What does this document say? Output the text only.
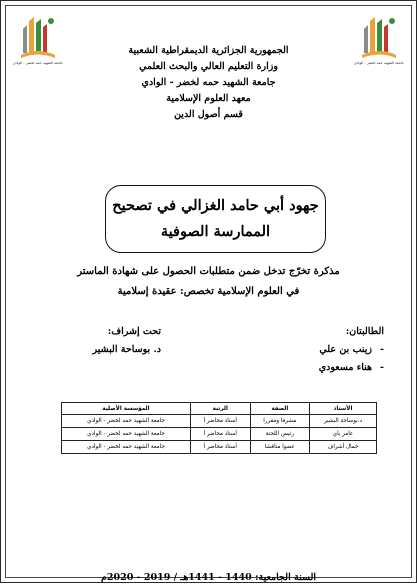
جامعة الشهيد حمه لخضر - الوادي
جامعة الشهيد حمه لخضر - الوادي
الجمهورية الجزائرية الديمقراطية الشعبية
وزارة التعليم العالي والبحث العلمي
جامعة الشهيد حمه لخضر - الوادي
معهد العلوم الإسلامية
قسم أصول الدين
جهود أبي حامد الغزالي في تصحيح
الممارسة الصوفية
مذكرة تخرّج تدخل ضمن متطلبات الحصول على شهادة الماستر
في العلوم الإسلامية تخصص: عقيدة إسلامية
الطالبتان:
-زينب بن علي
-هناء مسعودي
تحت إشراف:
د. بوساحة البشير
الأستاذ	الصفة	الرتبة	المؤسسة الأصلية
د.بوساحة البشير	مشرفا ومقررا	أستاذ محاضر أ	جامعة الشهيد حمه لخضر - الوادي
عامر باي	رئيس اللجنة	أستاذ محاضر أ	جامعة الشهيد حمه لخضر - الوادي
جمال أشراف	عضوا مناقشا	أستاذ محاضر أ	جامعة الشهيد حمه لخضر - الوادي
السنة الجامعية: 1440 - 1441هـ / 2019 - 2020م
